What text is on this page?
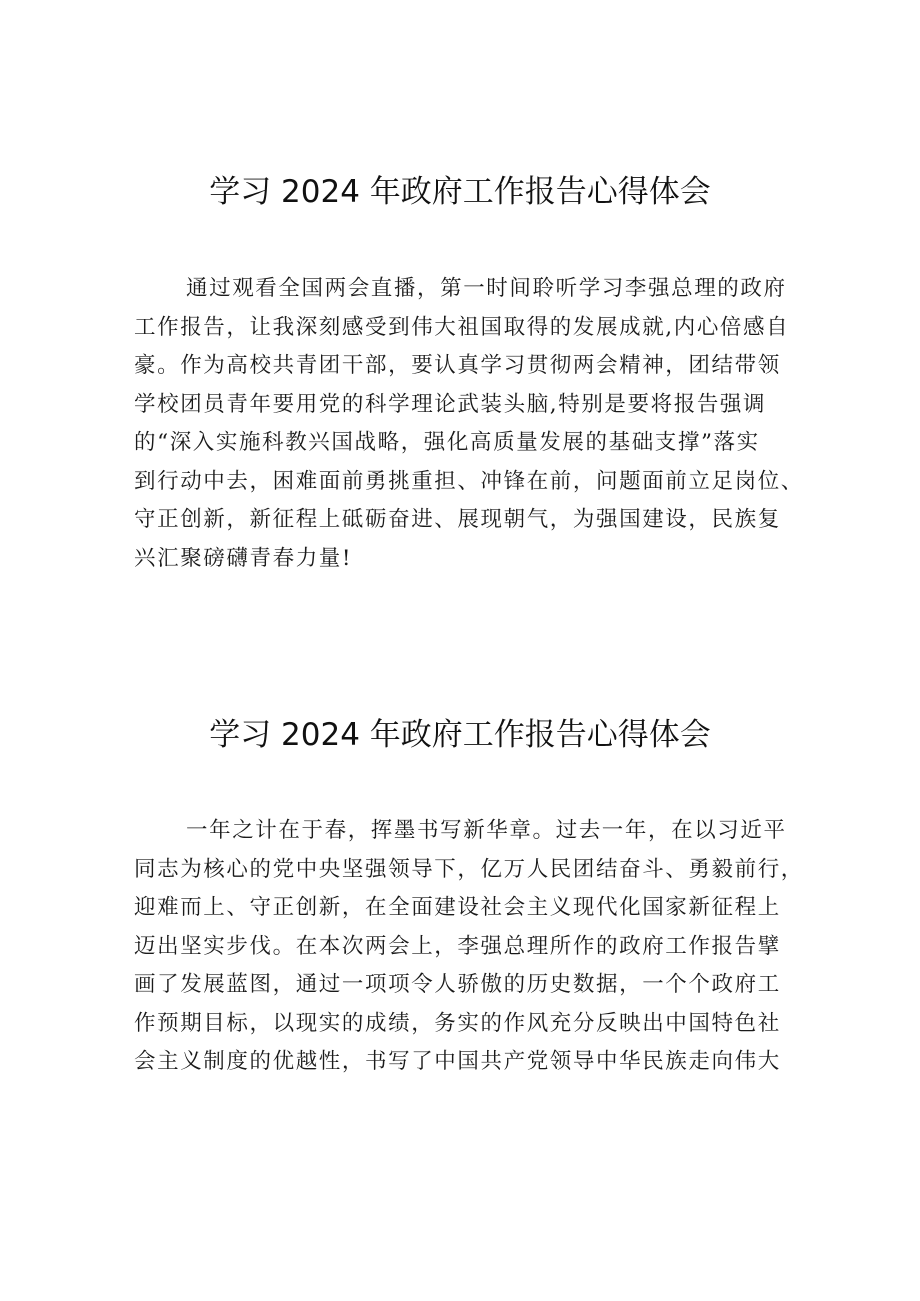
学习 2024 年政府工作报告心得体会
通过观看全国两会直播，第一时间聆听学习李强总理的政府
工作报告，让我深刻感受到伟大祖国取得的发展成就,内心倍感自
豪。作为高校共青团干部，要认真学习贯彻两会精神，团结带领
学校团员青年要用党的科学理论武装头脑,特别是要将报告强调
的“深入实施科教兴国战略，强化高质量发展的基础支撑”落实
到行动中去，困难面前勇挑重担、冲锋在前，问题面前立足岗位、
守正创新，新征程上砥砺奋进、展现朝气，为强国建设，民族复
兴汇聚磅礴青春力量!
学习 2024 年政府工作报告心得体会
一年之计在于春，挥墨书写新华章。过去一年，在以习近平
同志为核心的党中央坚强领导下，亿万人民团结奋斗、勇毅前行，
迎难而上、守正创新，在全面建设社会主义现代化国家新征程上
迈出坚实步伐。在本次两会上，李强总理所作的政府工作报告擘
画了发展蓝图，通过一项项令人骄傲的历史数据，一个个政府工
作预期目标，以现实的成绩，务实的作风充分反映出中国特色社
会主义制度的优越性，书写了中国共产党领导中华民族走向伟大
